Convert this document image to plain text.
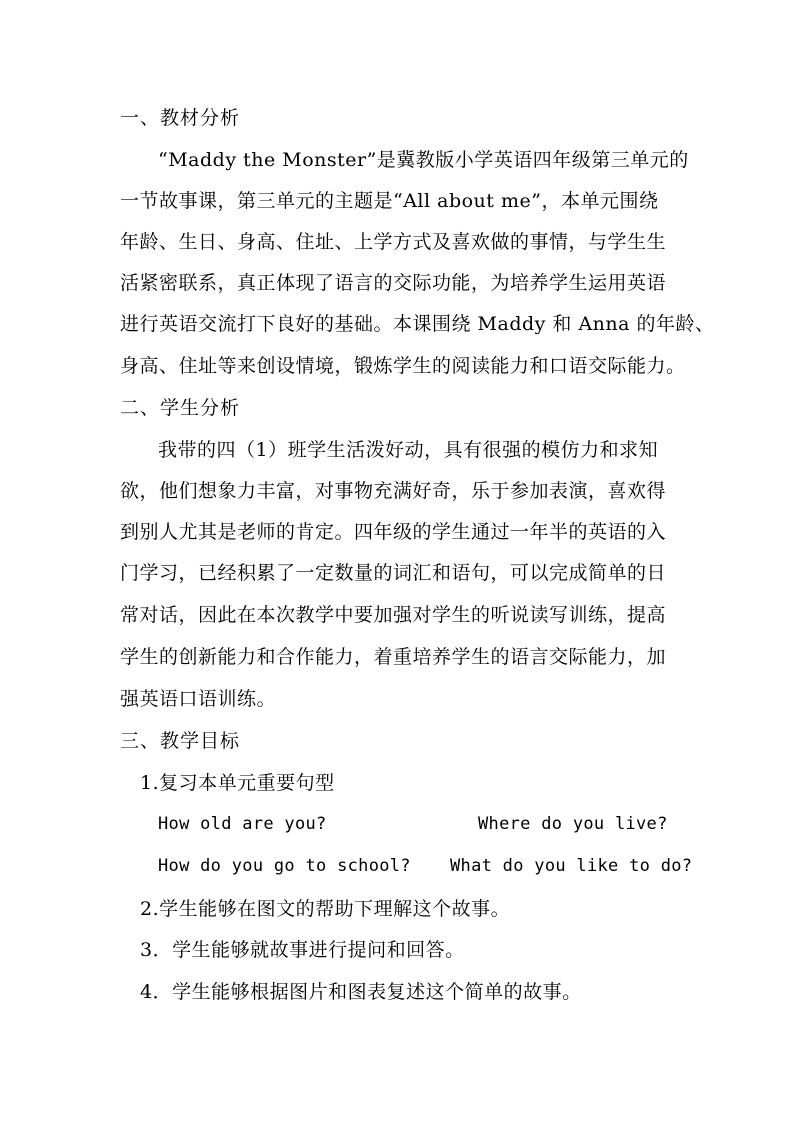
一、教材分析
“Maddy the Monster”是冀教版小学英语四年级第三单元的
一节故事课，第三单元的主题是“All about me”，本单元围绕
年龄、生日、身高、住址、上学方式及喜欢做的事情，与学生生
活紧密联系，真正体现了语言的交际功能，为培养学生运用英语
进行英语交流打下良好的基础。本课围绕 Maddy 和 Anna 的年龄、
身高、住址等来创设情境，锻炼学生的阅读能力和口语交际能力。
二、学生分析
我带的四（1）班学生活泼好动，具有很强的模仿力和求知
欲，他们想象力丰富，对事物充满好奇，乐于参加表演，喜欢得
到别人尤其是老师的肯定。四年级的学生通过一年半的英语的入
门学习，已经积累了一定数量的词汇和语句，可以完成简单的日
常对话，因此在本次教学中要加强对学生的听说读写训练，提高
学生的创新能力和合作能力，着重培养学生的语言交际能力，加
强英语口语训练。
三、教学目标
1.复习本单元重要句型
How old are you?	Where do you live?
How do you go to school? What do you like to do?
2.学生能够在图文的帮助下理解这个故事。
3．学生能够就故事进行提问和回答。
4．学生能够根据图片和图表复述这个简单的故事。
